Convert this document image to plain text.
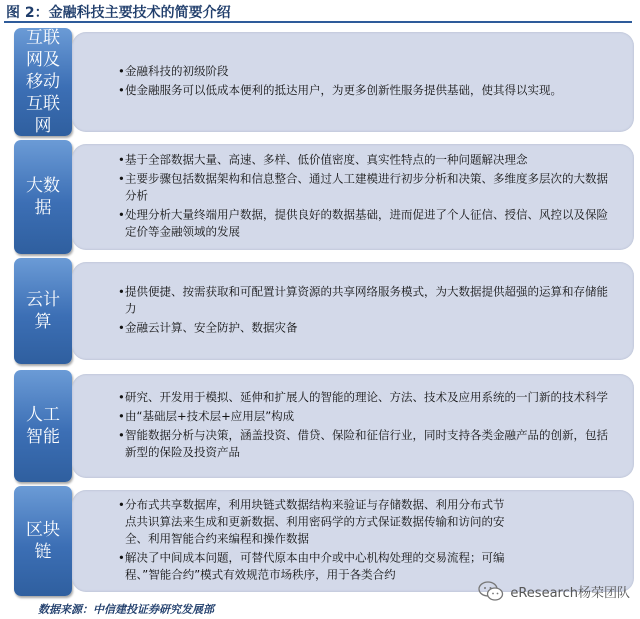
图 2：金融科技主要技术的简要介绍
互联网及移动互联网
• 金融科技的初级阶段
• 使金融服务可以低成本便利的抵达用户，为更多创新性服务提供基础，使其得以实现。
大数据
• 基于全部数据大量、高速、多样、低价值密度、真实性特点的一种问题解决理念
• 主要步骤包括数据架构和信息整合、通过人工建模进行初步分析和决策、多维度多层次的大数据分析
• 处理分析大量终端用户数据，提供良好的数据基础，进而促进了个人征信、授信、风控以及保险定价等金融领域的发展
云计算
• 提供便捷、按需获取和可配置计算资源的共享网络服务模式，为大数据提供超强的运算和存储能力
• 金融云计算、安全防护、数据灾备
人工智能
• 研究、开发用于模拟、延伸和扩展人的智能的理论、方法、技术及应用系统的一门新的技术科学
• 由“基础层+技术层+应用层”构成
• 智能数据分析与决策，涵盖投资、借贷、保险和征信行业，同时支持各类金融产品的创新，包括新型的保险及投资产品
区块链
• 分布式共享数据库，利用块链式数据结构来验证与存储数据、利用分布式节点共识算法来生成和更新数据、利用密码学的方式保证数据传输和访问的安全、利用智能合约来编程和操作数据
• 解决了中间成本问题，可替代原本由中介或中心机构处理的交易流程；可编程、”智能合约”模式有效规范市场秩序，用于各类合约
数据来源：中信建投证券研究发展部
eResearch杨荣团队
